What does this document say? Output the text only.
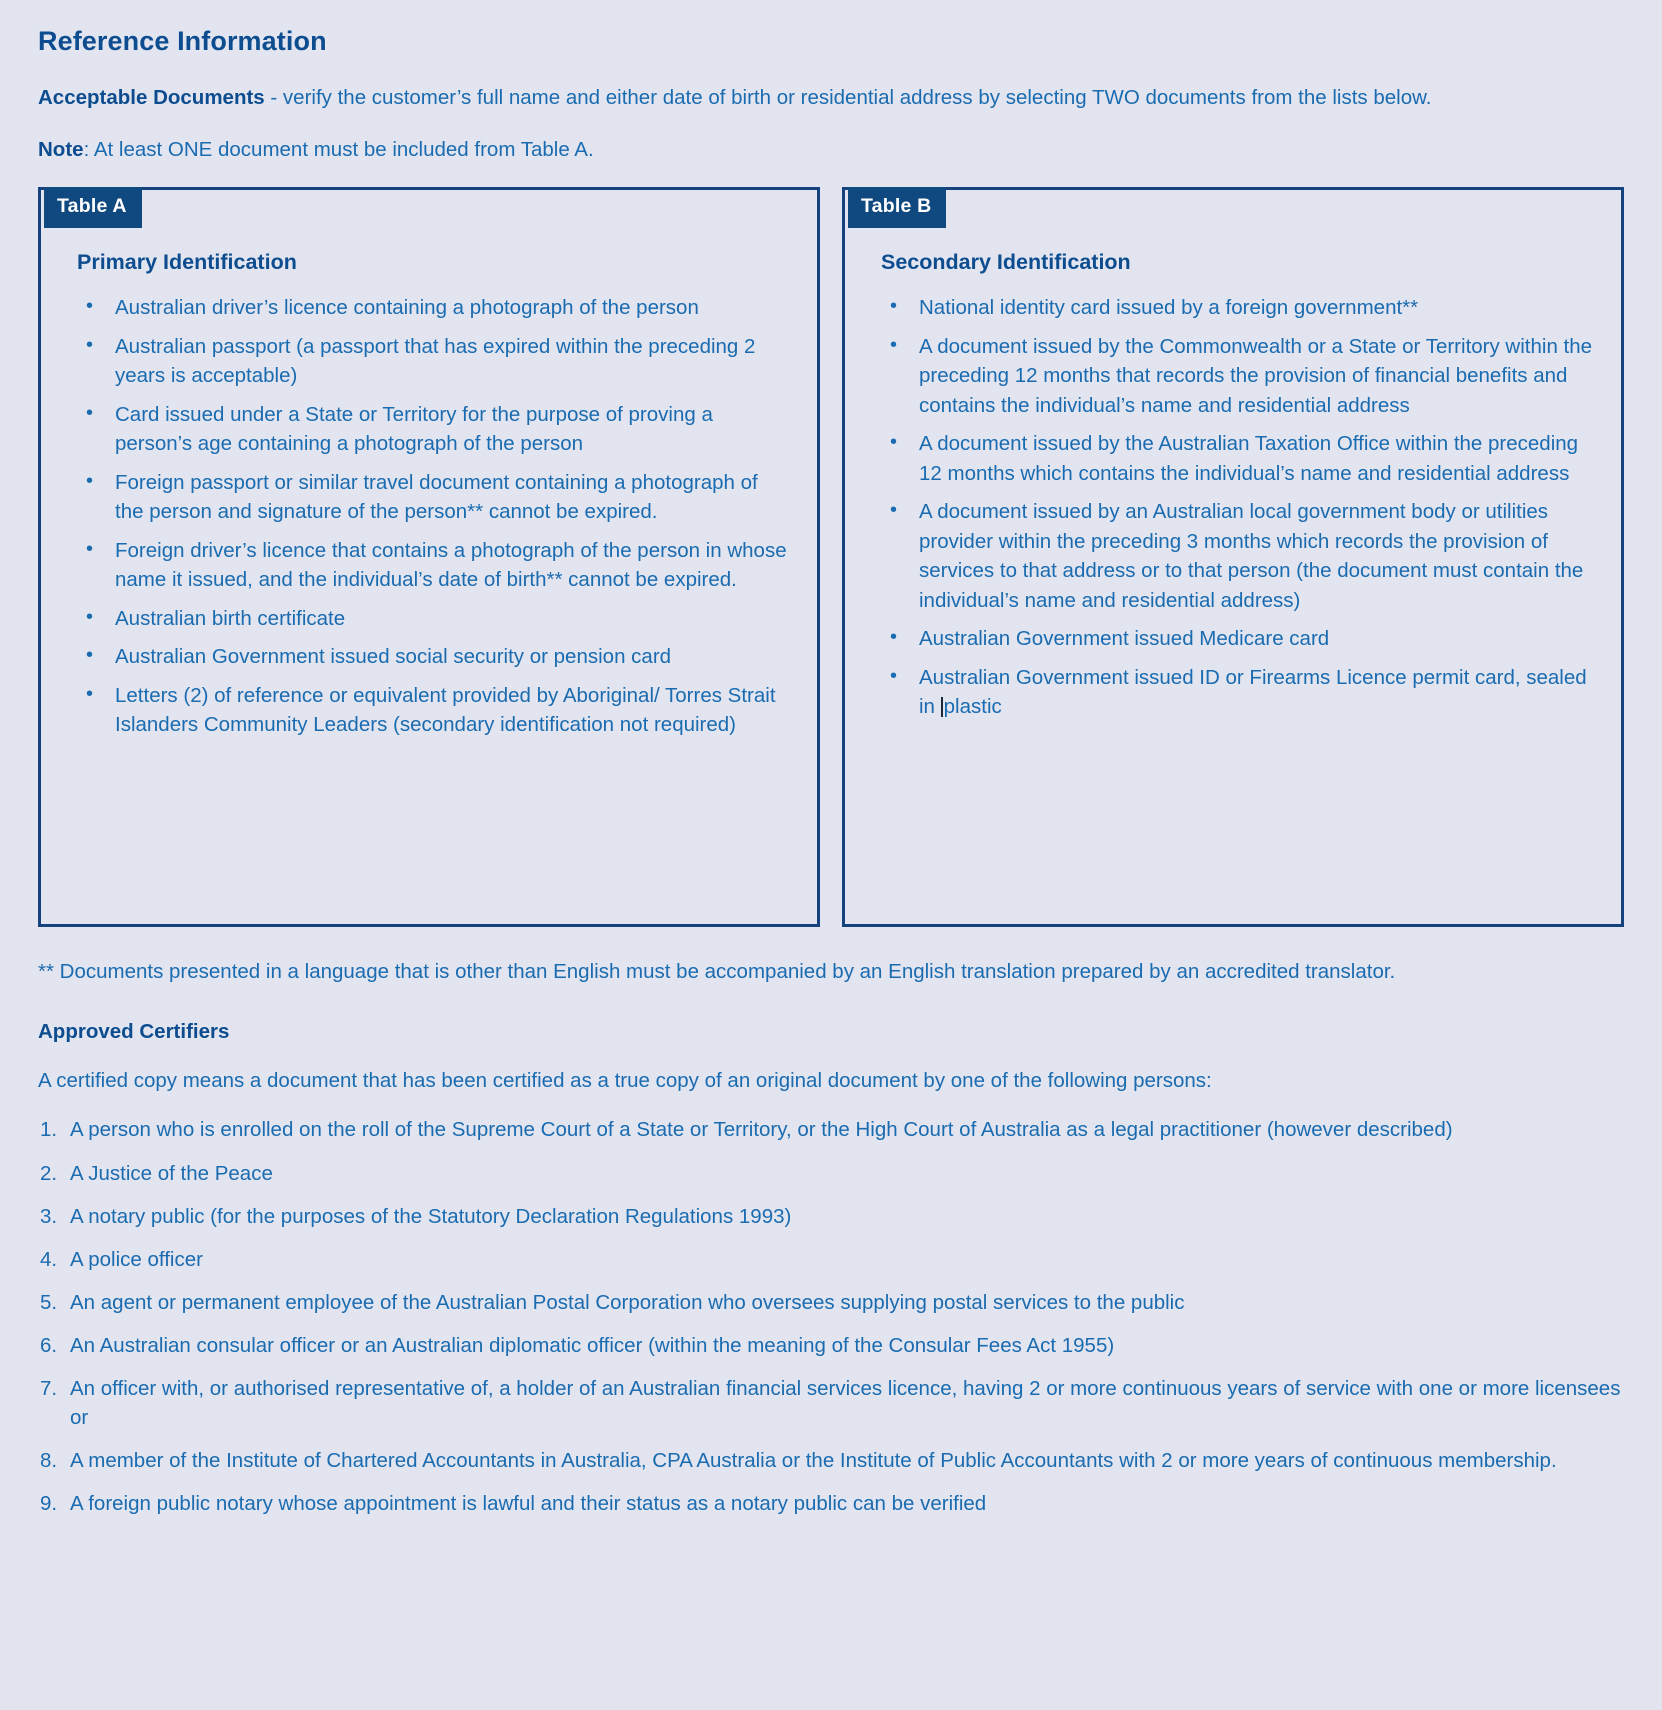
Reference Information

Acceptable Documents - verify the customer’s full name and either date of birth or residential address by selecting TWO documents from the lists below.

Note: At least ONE document must be included from Table A.

Table A
Primary Identification
• Australian driver’s licence containing a photograph of the person
• Australian passport (a passport that has expired within the preceding 2 years is acceptable)
• Card issued under a State or Territory for the purpose of proving a person’s age containing a photograph of the person
• Foreign passport or similar travel document containing a photograph of the person and signature of the person** cannot be expired.
• Foreign driver’s licence that contains a photograph of the person in whose name it issued, and the individual’s date of birth** cannot be expired.
• Australian birth certificate
• Australian Government issued social security or pension card
• Letters (2) of reference or equivalent provided by Aboriginal/ Torres Strait Islanders Community Leaders (secondary identification not required)
Table B
Secondary Identification
• National identity card issued by a foreign government**
• A document issued by the Commonwealth or a State or Territory within the preceding 12 months that records the provision of financial benefits and contains the individual’s name and residential address
• A document issued by the Australian Taxation Office within the preceding 12 months which contains the individual’s name and residential address
• A document issued by an Australian local government body or utilities provider within the preceding 3 months which records the provision of services to that address or to that person (the document must contain the individual’s name and residential address)
• Australian Government issued Medicare card
• Australian Government issued ID or Firearms Licence permit card, sealed in plastic

** Documents presented in a language that is other than English must be accompanied by an English translation prepared by an accredited translator.

Approved Certifiers

A certified copy means a document that has been certified as a true copy of an original document by one of the following persons:

A person who is enrolled on the roll of the Supreme Court of a State or Territory, or the High Court of Australia as a legal practitioner (however described)
A Justice of the Peace
A notary public (for the purposes of the Statutory Declaration Regulations 1993)
A police officer
An agent or permanent employee of the Australian Postal Corporation who oversees supplying postal services to the public
An Australian consular officer or an Australian diplomatic officer (within the meaning of the Consular Fees Act 1955)
An officer with, or authorised representative of, a holder of an Australian financial services licence, having 2 or more continuous years of service with one or more licensees or
A member of the Institute of Chartered Accountants in Australia, CPA Australia or the Institute of Public Accountants with 2 or more years of continuous membership.
A foreign public notary whose appointment is lawful and their status as a notary public can be verified
